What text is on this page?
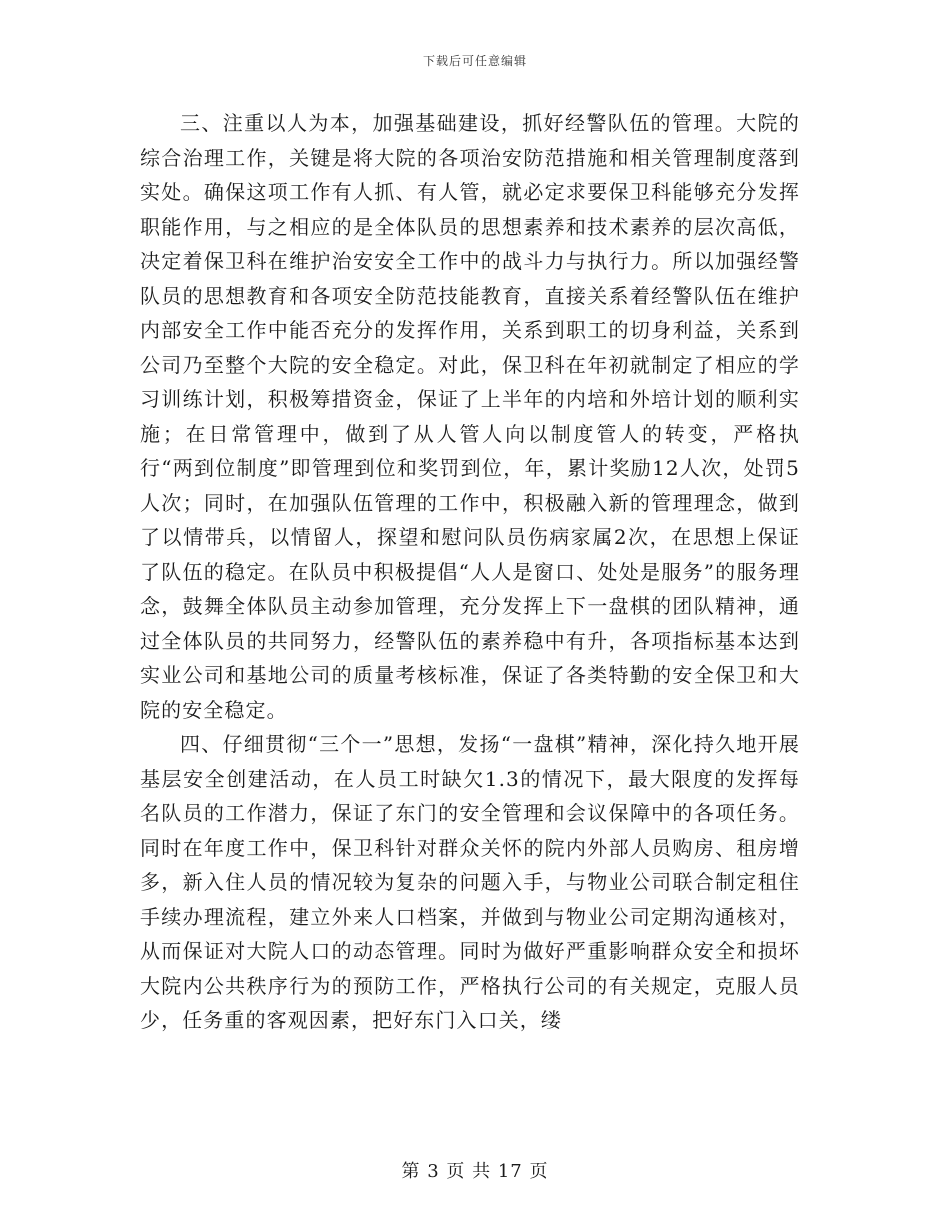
下载后可任意编辑

三、注重以人为本，加强基础建设，抓好经警队伍的管理。大院的综合治理工作，关键是将大院的各项治安防范措施和相关管理制度落到实处。确保这项工作有人抓、有人管，就必定求要保卫科能够充分发挥职能作用，与之相应的是全体队员的思想素养和技术素养的层次高低，决定着保卫科在维护治安安全工作中的战斗力与执行力。所以加强经警队员的思想教育和各项安全防范技能教育，直接关系着经警队伍在维护内部安全工作中能否充分的发挥作用，关系到职工的切身利益，关系到公司乃至整个大院的安全稳定。对此，保卫科在年初就制定了相应的学习训练计划，积极筹措资金，保证了上半年的内培和外培计划的顺利实施；在日常管理中，做到了从人管人向以制度管人的转变，严格执行“两到位制度”即管理到位和奖罚到位，年，累计奖励12人次，处罚5人次；同时，在加强队伍管理的工作中，积极融入新的管理理念，做到了以情带兵，以情留人，探望和慰问队员伤病家属2次，在思想上保证了队伍的稳定。在队员中积极提倡“人人是窗口、处处是服务”的服务理念，鼓舞全体队员主动参加管理，充分发挥上下一盘棋的团队精神，通过全体队员的共同努力，经警队伍的素养稳中有升，各项指标基本达到实业公司和基地公司的质量考核标准，保证了各类特勤的安全保卫和大院的安全稳定。

四、仔细贯彻“三个一”思想，发扬“一盘棋”精神，深化持久地开展基层安全创建活动，在人员工时缺欠1.3的情况下，最大限度的发挥每名队员的工作潜力，保证了东门的安全管理和会议保障中的各项任务。同时在年度工作中，保卫科针对群众关怀的院内外部人员购房、租房增多，新入住人员的情况较为复杂的问题入手，与物业公司联合制定租住手续办理流程，建立外来人口档案，并做到与物业公司定期沟通核对，从而保证对大院人口的动态管理。同时为做好严重影响群众安全和损坏大院内公共秩序行为的预防工作，严格执行公司的有关规定，克服人员少，任务重的客观因素，把好东门入口关，缕

第 3 页 共 17 页
